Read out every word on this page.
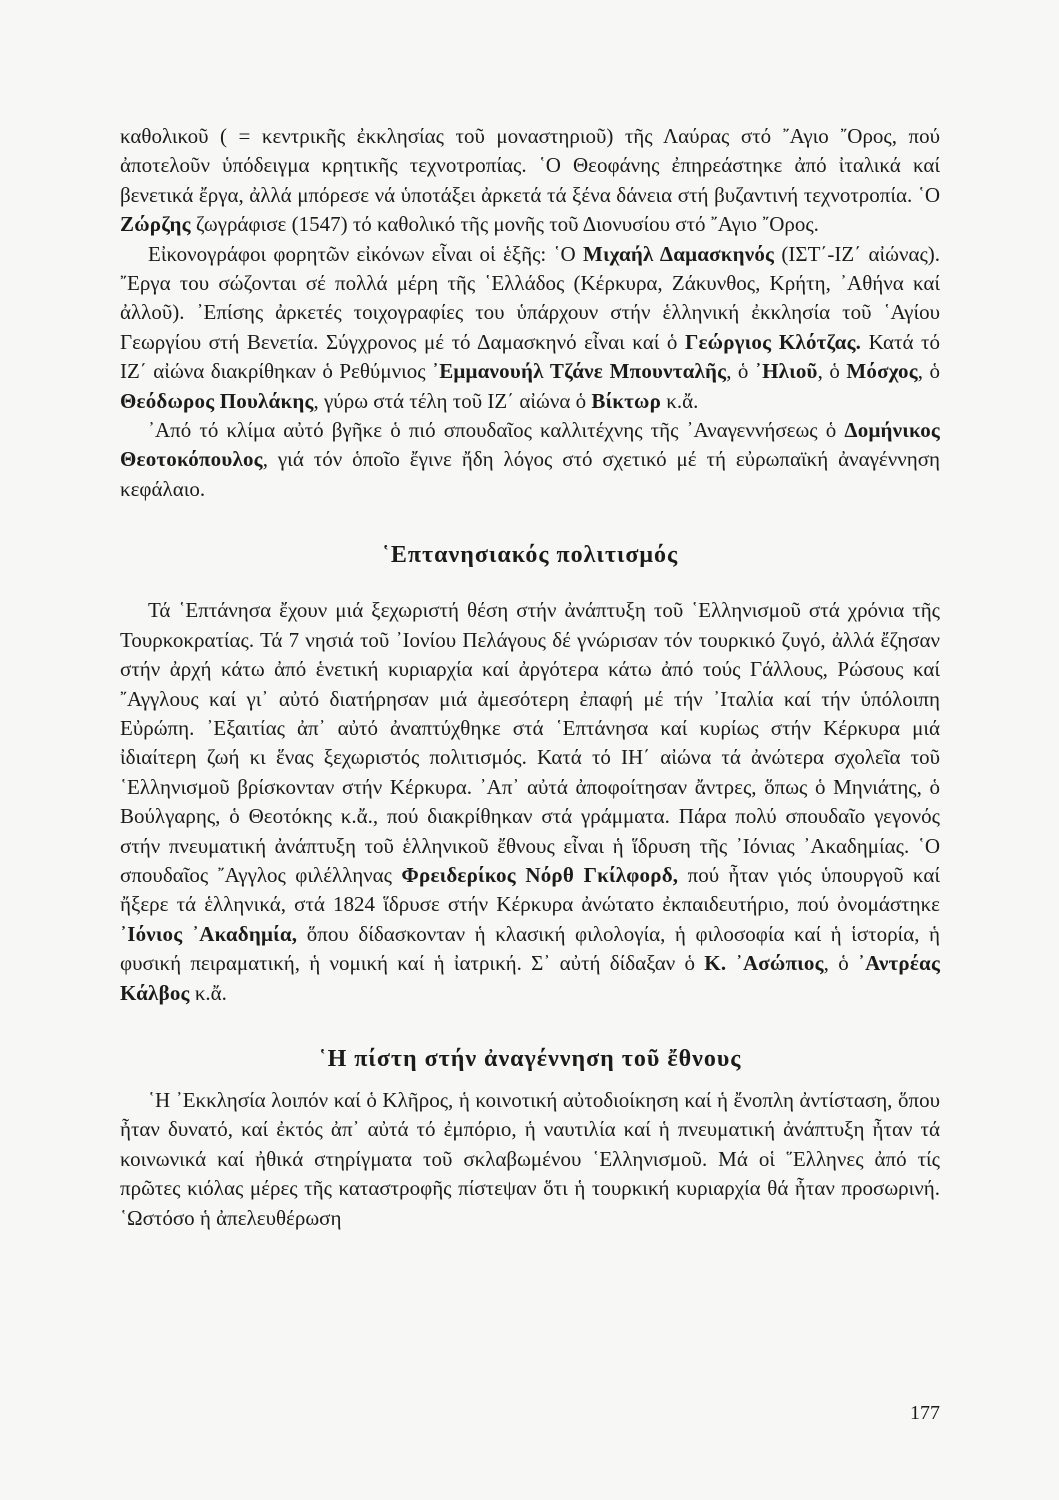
καθολικοῦ ( = κεντρικῆς ἐκκλησίας τοῦ μοναστηριοῦ) τῆς Λαύρας στό ῎Αγιο ῎Ορος, πού ἀποτελοῦν ὑπόδειγμα κρητικῆς τεχνοτροπίας. ῾Ο Θεοφάνης ἐπηρεάστηκε ἀπό ἰταλικά καί βενετικά ἔργα, ἀλλά μπόρεσε νά ὑποτάξει ἀρκετά τά ξένα δάνεια στή βυζαντινή τεχνοτροπία. ῾Ο Ζώρζης ζωγράφισε (1547) τό καθολικό τῆς μονῆς τοῦ Διονυσίου στό ῎Αγιο ῎Ορος.

Εἰκονογράφοι φορητῶν εἰκόνων εἶναι οἱ ἑξῆς: ῾Ο Μιχαήλ Δαμασκηνός (ΙΣΤ΄-ΙΖ΄ αἰώνας). ῎Εργα του σώζονται σέ πολλά μέρη τῆς ῾Ελλάδος (Κέρκυρα, Ζάκυνθος, Κρήτη, ᾿Αθήνα καί ἀλλοῦ). ᾿Επίσης ἀρκετές τοιχογραφίες του ὑπάρχουν στήν ἑλληνική ἐκκλησία τοῦ ῾Αγίου Γεωργίου στή Βενετία. Σύγχρονος μέ τό Δαμασκηνό εἶναι καί ὁ Γεώργιος Κλότζας. Κατά τό ΙΖ΄ αἰώνα διακρίθηκαν ὁ Ρεθύμνιος ᾿Εμμανουήλ Τζάνε Μπουνταλῆς, ὁ ᾿Ηλιοῦ, ὁ Μόσχος, ὁ Θεόδωρος Πουλάκης, γύρω στά τέλη τοῦ ΙΖ΄ αἰώνα ὁ Βίκτωρ κ.ἄ.

᾿Από τό κλίμα αὐτό βγῆκε ὁ πιό σπουδαῖος καλλιτέχνης τῆς ᾿Αναγεννήσεως ὁ Δομήνικος Θεοτοκόπουλος, γιά τόν ὁποῖο ἔγινε ἤδη λόγος στό σχετικό μέ τή εὐρωπαϊκή ἀναγέννηση κεφάλαιο.

῾Επτανησιακός πολιτισμός

Τά ῾Επτάνησα ἔχουν μιά ξεχωριστή θέση στήν ἀνάπτυξη τοῦ ῾Ελληνισμοῦ στά χρόνια τῆς Τουρκοκρατίας. Τά 7 νησιά τοῦ ᾿Ιονίου Πελάγους δέ γνώρισαν τόν τουρκικό ζυγό, ἀλλά ἔζησαν στήν ἀρχή κάτω ἀπό ἑνετική κυριαρχία καί ἀργότερα κάτω ἀπό τούς Γάλλους, Ρώσους καί ῎Αγγλους καί γι᾿ αὐτό διατήρησαν μιά ἀμεσότερη ἐπαφή μέ τήν ᾿Ιταλία καί τήν ὑπόλοιπη Εὐρώπη. ᾿Εξαιτίας ἀπ᾿ αὐτό ἀναπτύχθηκε στά ῾Επτάνησα καί κυρίως στήν Κέρκυρα μιά ἰδιαίτερη ζωή κι ἕνας ξεχωριστός πολιτισμός. Κατά τό ΙΗ΄ αἰώνα τά ἀνώτερα σχολεῖα τοῦ ῾Ελληνισμοῦ βρίσκονταν στήν Κέρκυρα. ᾿Απ᾿ αὐτά ἀποφοίτησαν ἄντρες, ὅπως ὁ Μηνιάτης, ὁ Βούλγαρης, ὁ Θεοτόκης κ.ἄ., πού διακρίθηκαν στά γράμματα. Πάρα πολύ σπουδαῖο γεγονός στήν πνευματική ἀνάπτυξη τοῦ ἑλληνικοῦ ἔθνους εἶναι ἡ ἵδρυση τῆς ᾿Ιόνιας ᾿Ακαδημίας. ῾Ο σπουδαῖος ῎Αγγλος φιλέλληνας Φρειδερίκος Νόρθ Γκίλφορδ, πού ἦταν γιός ὑπουργοῦ καί ἤξερε τά ἑλληνικά, στά 1824 ἵδρυσε στήν Κέρκυρα ἀνώτατο ἐκπαιδευτήριο, πού ὀνομάστηκε ᾿Ιόνιος ᾿Ακαδημία, ὅπου δίδασκονταν ἡ κλασική φιλολογία, ἡ φιλοσοφία καί ἡ ἱστορία, ἡ φυσική πειραματική, ἡ νομική καί ἡ ἰατρική. Σ᾿ αὐτή δίδαξαν ὁ Κ. ᾿Ασώπιος, ὁ ᾿Αντρέας Κάλβος κ.ἄ.

῾Η πίστη στήν ἀναγέννηση τοῦ ἔθνους

῾Η ᾿Εκκλησία λοιπόν καί ὁ Κλῆρος, ἡ κοινοτική αὐτοδιοίκηση καί ἡ ἔνοπλη ἀντίσταση, ὅπου ἦταν δυνατό, καί ἐκτός ἀπ᾿ αὐτά τό ἐμπόριο, ἡ ναυτιλία καί ἡ πνευματική ἀνάπτυξη ἦταν τά κοινωνικά καί ἠθικά στηρίγματα τοῦ σκλαβωμένου ῾Ελληνισμοῦ. Μά οἱ ῞Ελληνες ἀπό τίς πρῶτες κιόλας μέρες τῆς καταστροφῆς πίστεψαν ὅτι ἡ τουρκική κυριαρχία θά ἦταν προσωρινή. ῾Ωστόσο ἡ ἀπελευθέρωση

177
